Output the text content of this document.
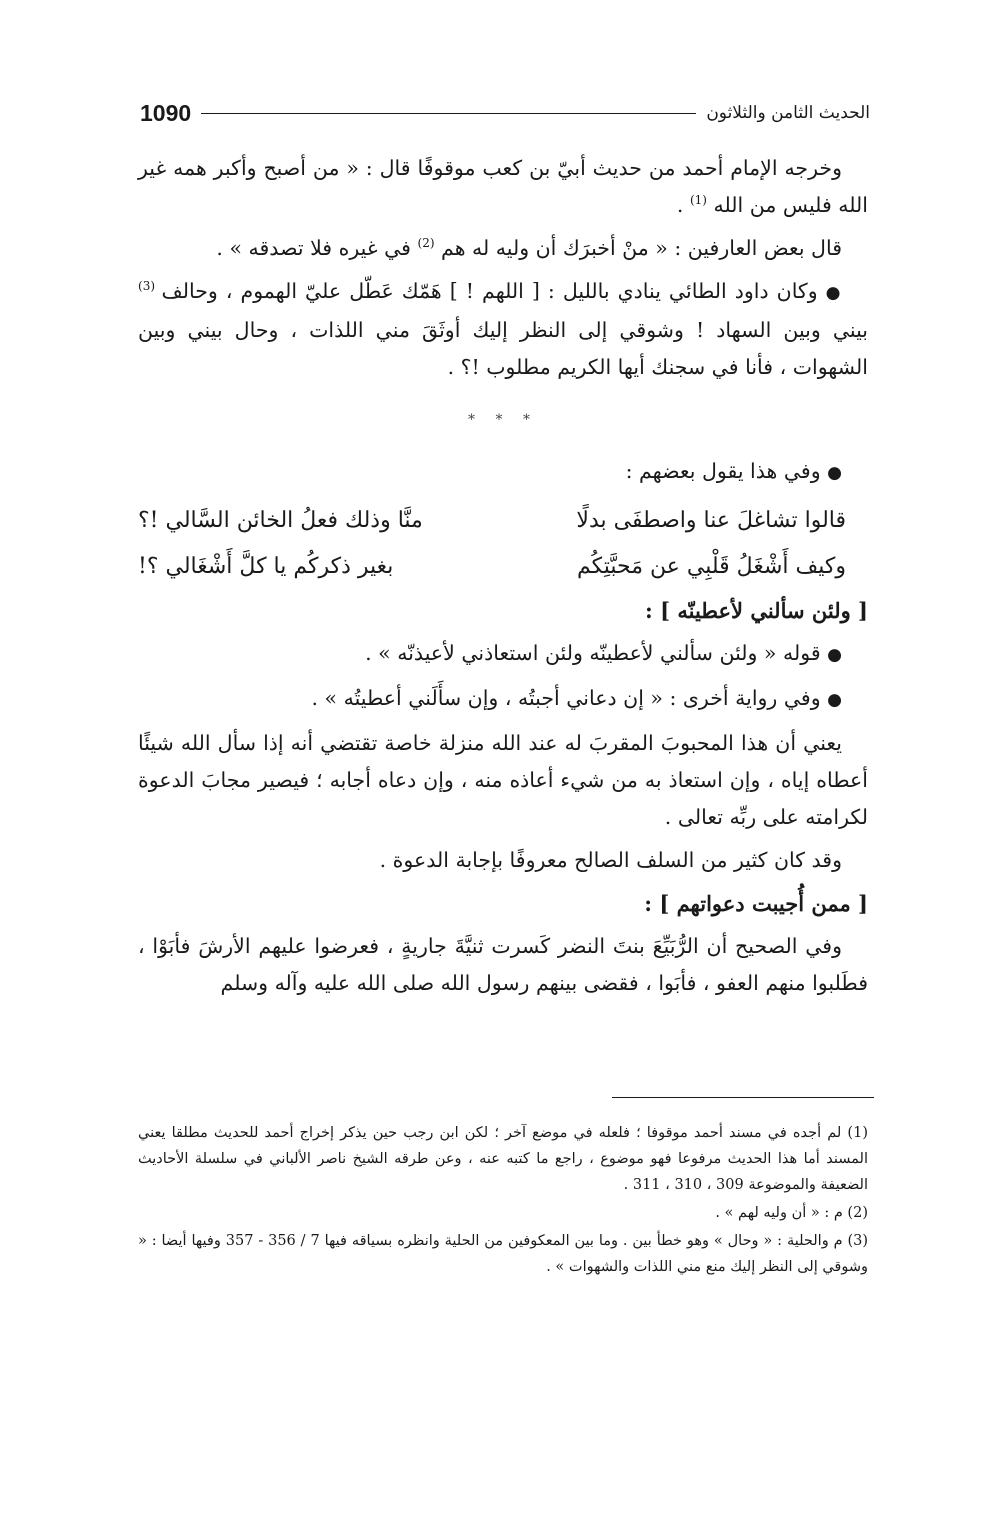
1090	الحديث الثامن والثلاثون

وخرجه الإمام أحمد من حديث أبيّ بن كعب موقوفًا قال : « من أصبح وأكبر همه غير الله فليس من الله $^{(1)}$ .

قال بعض العارفين : « منْ أخبرَك أن وليه له هم $^{(2)}$ في غيره فلا تصدقه » .

● وكان داود الطائي ينادي بالليل : [ اللهم ! ] هَمّك عَطّل عليّ الهموم ، وحالف $^{(3)}$ بيني وبين السهاد ! وشوقي إلى النظر إليك أوثَقَ مني اللذات ، وحال بيني وبين الشهوات ، فأنا في سجنك أيها الكريم مطلوب !؟ .

* * *

● وفي هذا يقول بعضهم :

قالوا تشاغلَ عنا واصطفَى بدلًا
منَّا وذلك فعلُ الخائن السَّالي !؟
وكيف أَشْغَلُ قَلْبِي عن مَحبَّتِكُم
بغير ذكركُم يا كلَّ أَشْغَالي ؟!
[ ولئن سألني لأعطينّه ] :

● قوله « ولئن سألني لأعطينّه ولئن استعاذني لأعيذنّه » .

● وفي رواية أخرى : « إن دعاني أجبتُه ، وإن سأَلَني أعطيتُه » .

يعني أن هذا المحبوبَ المقربَ له عند الله منزلة خاصة تقتضي أنه إذا سأل الله شيئًا أعطاه إياه ، وإن استعاذ به من شيء أعاذه منه ، وإن دعاه أجابه ؛ فيصير مجابَ الدعوة لكرامته على ربِّه تعالى .

وقد كان كثير من السلف الصالح معروفًا بإجابة الدعوة .

[ ممن أُجيبت دعواتهم ] :

وفي الصحيح أن الرُّبَيِّعَ بنتَ النضر كَسرت ثنيَّةَ جاريةٍ ، فعرضوا عليهم الأرشَ فأبَوْا ، فطَلبوا منهم العفو ، فأبَوا ، فقضى بينهم رسول الله صلى الله عليه وآله وسلم

(1) لم أجده في مسند أحمد موقوفا ؛ فلعله في موضع آخر ؛ لكن ابن رجب حين يذكر إخراج أحمد للحديث مطلقا يعني المسند أما هذا الحديث مرفوعا فهو موضوع ، راجع ما كتبه عنه ، وعن طرقه الشيخ ناصر الألباني في سلسلة الأحاديث الضعيفة والموضوعة 309 ، 310 ، 311 .

(2) م : « أن وليه لهم » .

(3) م والحلية : « وحال » وهو خطأ بين . وما بين المعكوفين من الحلية وانظره بسياقه فيها 7 / 356 - 357 وفيها أيضا : « وشوقي إلى النظر إليك منع مني اللذات والشهوات » .
